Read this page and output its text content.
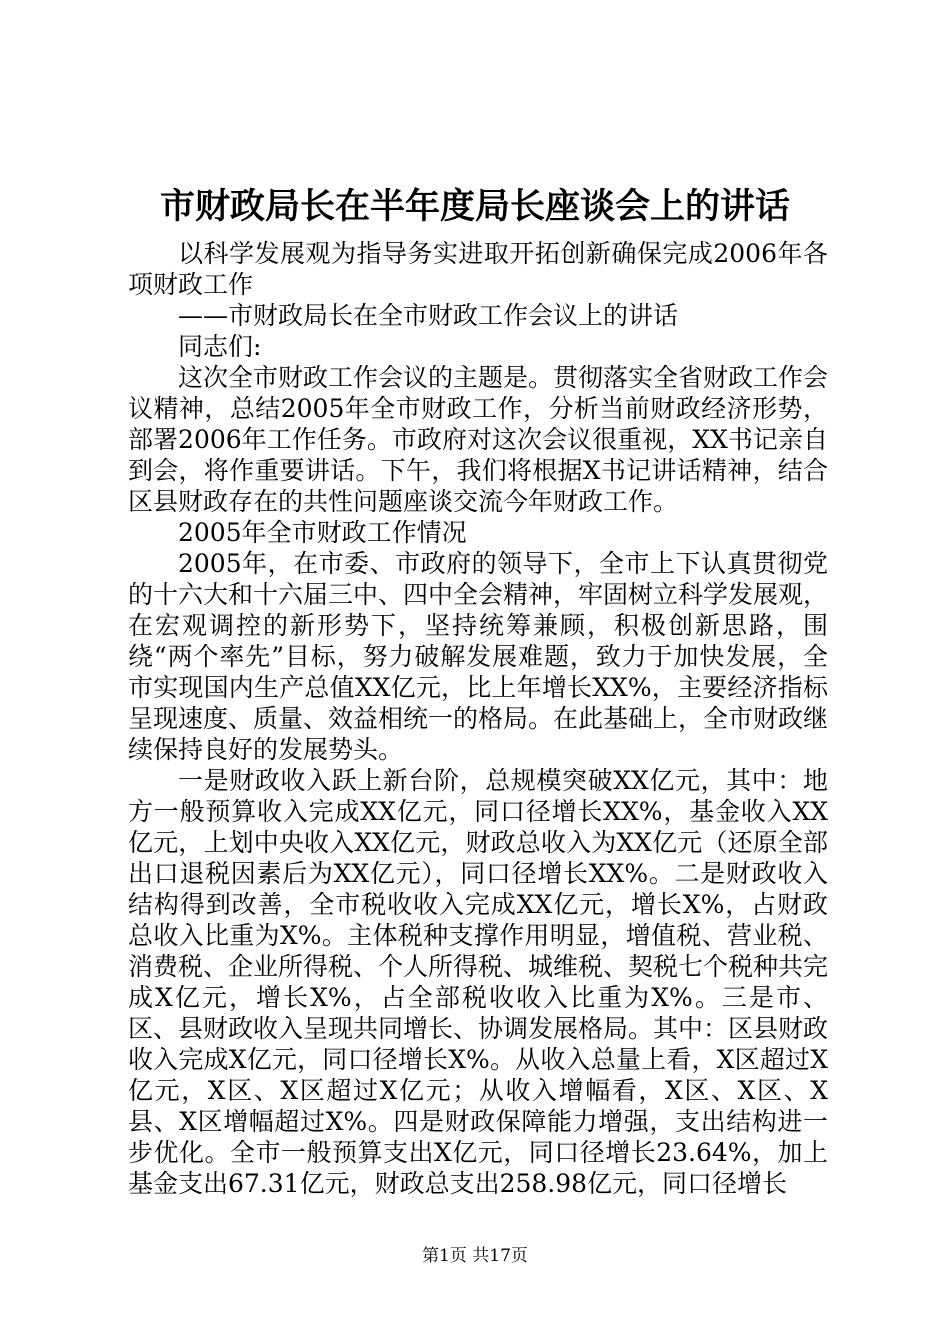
市财政局长在半年度局长座谈会上的讲话

以科学发展观为指导务实进取开拓创新确保完成2006年各项财政工作

——市财政局长在全市财政工作会议上的讲话

同志们:

这次全市财政工作会议的主题是。贯彻落实全省财政工作会议精神，总结2005年全市财政工作，分析当前财政经济形势，部署2006年工作任务。市政府对这次会议很重视，XX书记亲自到会，将作重要讲话。下午，我们将根据X书记讲话精神，结合区县财政存在的共性问题座谈交流今年财政工作。

2005年全市财政工作情况

2005年，在市委、市政府的领导下，全市上下认真贯彻党的十六大和十六届三中、四中全会精神，牢固树立科学发展观，在宏观调控的新形势下，坚持统筹兼顾，积极创新思路，围绕“两个率先”目标，努力破解发展难题，致力于加快发展，全市实现国内生产总值XX亿元，比上年增长XX%，主要经济指标呈现速度、质量、效益相统一的格局。在此基础上，全市财政继续保持良好的发展势头。

一是财政收入跃上新台阶，总规模突破XX亿元，其中：地方一般预算收入完成XX亿元，同口径增长XX%，基金收入XX亿元，上划中央收入XX亿元，财政总收入为XX亿元（还原全部出口退税因素后为XX亿元），同口径增长XX%。二是财政收入结构得到改善，全市税收收入完成XX亿元，增长X%，占财政总收入比重为X%。主体税种支撑作用明显，增值税、营业税、消费税、企业所得税、个人所得税、城维税、契税七个税种共完成X亿元，增长X%，占全部税收收入比重为X%。三是市、区、县财政收入呈现共同增长、协调发展格局。其中：区县财政收入完成X亿元，同口径增长X%。从收入总量上看，X区超过X亿元，X区、X区超过X亿元；从收入增幅看，X区、X区、X县、X区增幅超过X%。四是财政保障能力增强，支出结构进一步优化。全市一般预算支出X亿元，同口径增长23.64%，加上基金支出67.31亿元，财政总支出258.98亿元，同口径增长

第1页 共17页
